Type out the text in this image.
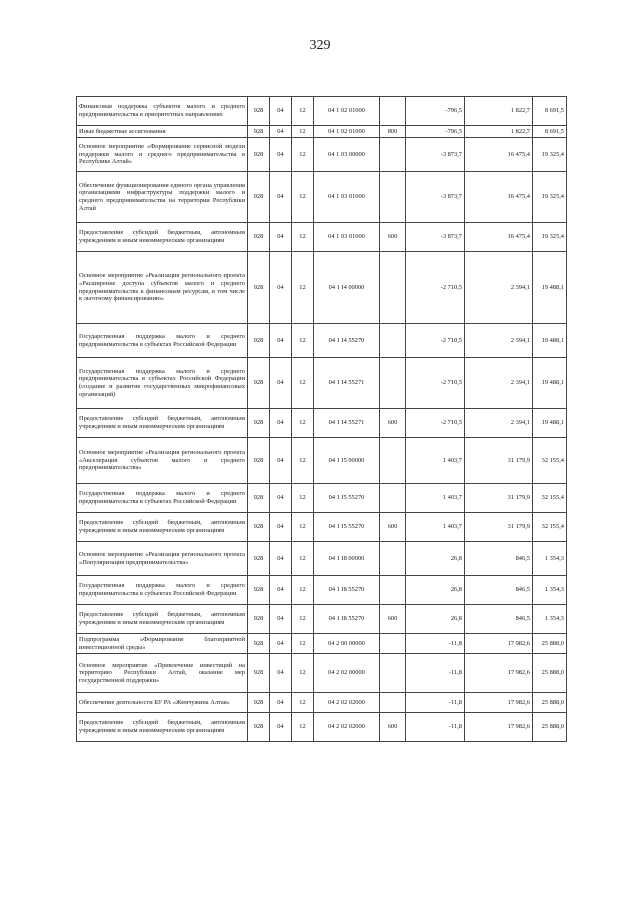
329
Финансовая поддержка субъектов малого и среднего предпринимательства в приоритетных направлениях	928	04	12	04 1 02 01000		-796,5	1 822,7	8 691,5
Иные бюджетные ассигнования	928	04	12	04 1 02 01000	800	-796,5	1 822,7	8 691,5
Основное мероприятие «Формирование сервисной модели поддержки малого и среднего предпринимательства в Республике Алтай»	928	04	12	04 1 03 00000		-3 873,7	16 475,4	19 325,4
Обеспечение функционирования единого органа управления организациями инфраструктуры поддержки малого и среднего предпринимательства на территории Республики Алтай	928	04	12	04 1 03 01000		-3 873,7	16 475,4	19 325,4
Предоставление субсидий бюджетным, автономным учреждениям и иным некоммерческим организациям	928	04	12	04 1 03 01000	600	-3 873,7	16 475,4	19 325,4
Основное мероприятие «Реализация регионального проекта «Расширение доступа субъектов малого и среднего предпринимательства к финансовым ресурсам, в том числе к льготному финансированию»	928	04	12	04 1 I4 00000		-2 710,5	2 394,1	19 488,1
Государственная поддержка малого и среднего предпринимательства в субъектах Российской Федерации	928	04	12	04 1 I4 55270		-2 710,5	2 394,1	19 488,1
Государственная поддержка малого и среднего предпринимательства в субъектах Российской Федерации (создание и развитие государственных микрофинансовых организаций)	928	04	12	04 1 I4 55271		-2 710,5	2 394,1	19 488,1
Предоставление субсидий бюджетным, автономным учреждениям и иным некоммерческим организациям	928	04	12	04 1 I4 55271	600	-2 710,5	2 394,1	19 488,1
Основное мероприятие «Реализация регионального проекта «Акселерация субъектов малого и среднего предпринимательства»	928	04	12	04 1 I5 00000		1 403,7	31 179,9	32 155,4
Государственная поддержка малого и среднего предпринимательства в субъектах Российской Федерации	928	04	12	04 1 I5 55270		1 403,7	31 179,9	32 155,4
Предоставление субсидий бюджетным, автономным учреждениям и иным некоммерческим организациям	928	04	12	04 1 I5 55270	600	1 403,7	31 179,9	32 155,4
Основное мероприятие «Реализация регионального проекта «Популяризация предпринимательства»	928	04	12	04 1 I8 00000		26,8	846,5	1 354,3
Государственная поддержка малого и среднего предпринимательства в субъектах Российской Федерации	928	04	12	04 1 I8 55270		26,8	846,5	1 354,3
Предоставление субсидий бюджетным, автономным учреждениям и иным некоммерческим организациям	928	04	12	04 1 I8 55270	600	26,8	846,5	1 354,3
Подпрограмма «Формирование благоприятной инвестиционной среды»	928	04	12	04 2 00 00000		-11,8	17 982,6	25 888,0
Основное мероприятие «Привлечение инвестиций на территорию Республики Алтай, оказание мер государственной поддержки»	928	04	12	04 2 02 00000		-11,8	17 982,6	25 888,0
Обеспечение деятельности БУ РА «Жемчужина Алтая»	928	04	12	04 2 02 02000		-11,8	17 982,6	25 888,0
Предоставление субсидий бюджетным, автономным учреждениям и иным некоммерческим организациям	928	04	12	04 2 02 02000	600	-11,8	17 982,6	25 888,0
